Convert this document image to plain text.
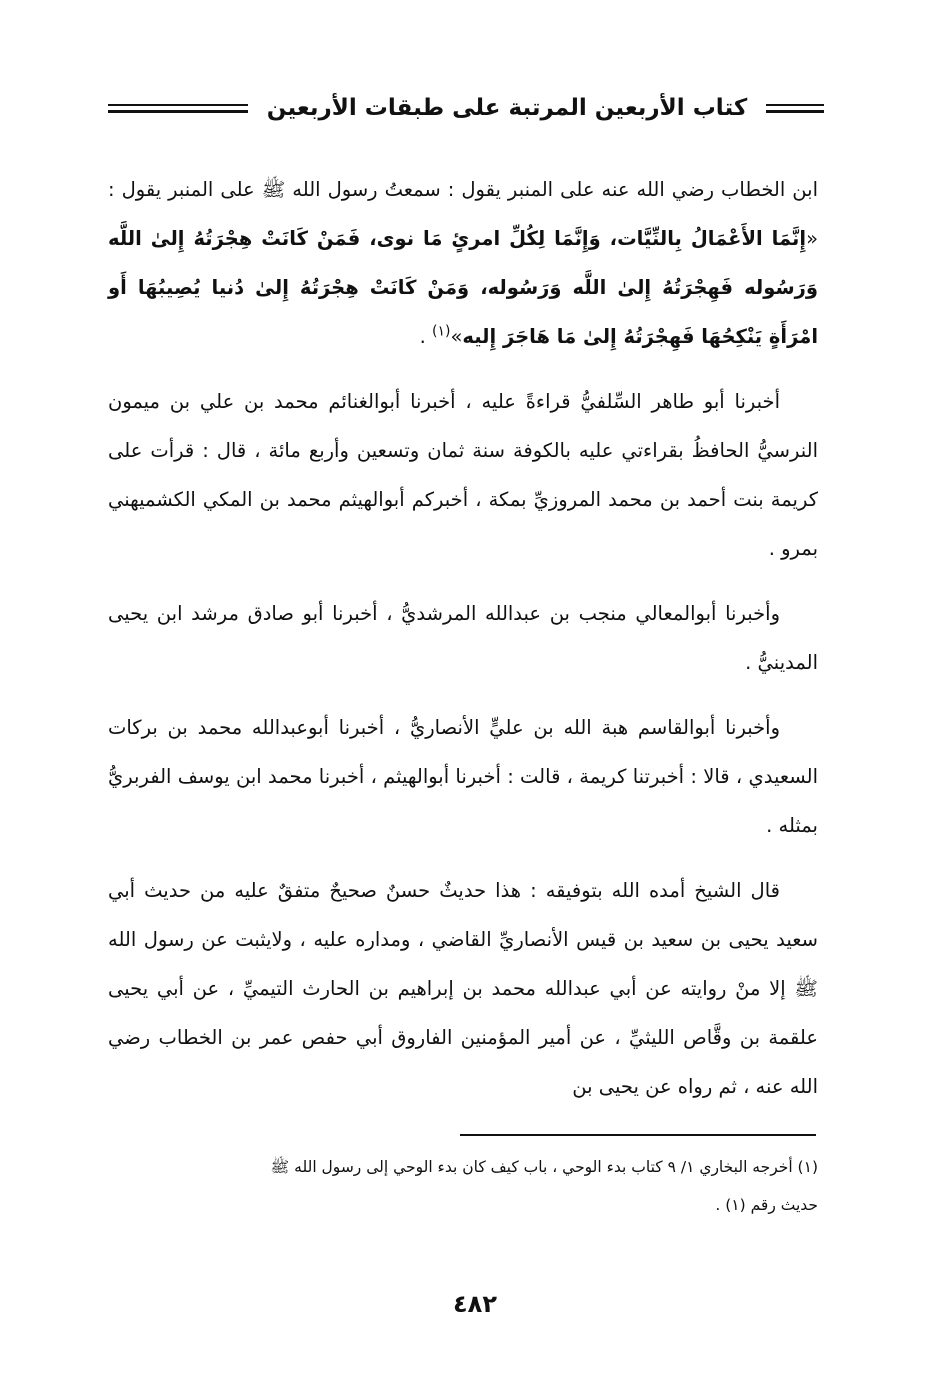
كتاب الأربعين المرتبة على طبقات الأربعين

ابن الخطاب رضي الله عنه على المنبر يقول : سمعتُ رسول الله ﷺ على المنبر يقول : «إِنَّمَا الأَعْمَالُ بِالنِّيَّات، وَإِنَّمَا لِكُلِّ امرئٍ مَا نوى، فَمَنْ كَانَتْ هِجْرَتُهُ إِلىٰ اللَّه وَرَسُوله فَهِجْرَتُهُ إِلىٰ اللَّه وَرَسُوله، وَمَنْ كَانَتْ هِجْرَتُهُ إِلىٰ دُنيا يُصِيبُهَا أَو امْرَأَةٍ يَنْكِحُهَا فَهِجْرَتُهُ إِلىٰ مَا هَاجَرَ إِليه»$^{(١)}$ .

أخبرنا أبو طاهر السِّلفيُّ قراءةً عليه ، أخبرنا أبوالغنائم محمد بن علي بن ميمون النرسيُّ الحافظُ بقراءتي عليه بالكوفة سنة ثمان وتسعين وأربع مائة ، قال : قرأت على كريمة بنت أحمد بن محمد المروزيِّ بمكة ، أخبركم أبوالهيثم محمد بن المكي الكشميهني بمرو .

وأخبرنا أبوالمعالي منجب بن عبدالله المرشديُّ ، أخبرنا أبو صادق مرشد ابن يحيى المدينيُّ .

وأخبرنا أبوالقاسم هبة الله بن عليٍّ الأنصاريُّ ، أخبرنا أبوعبدالله محمد بن بركات السعيدي ، قالا : أخبرتنا كريمة ، قالت : أخبرنا أبوالهيثم ، أخبرنا محمد ابن يوسف الفربريُّ بمثله .

قال الشيخ أمده الله بتوفيقه : هذا حديثٌ حسنٌ صحيحٌ متفقٌ عليه من حديث أبي سعيد يحيى بن سعيد بن قيس الأنصاريِّ القاضي ، ومداره عليه ، ولايثبت عن رسول الله ﷺ إلا منْ روايته عن أبي عبدالله محمد بن إبراهيم بن الحارث التيميِّ ، عن أبي يحيى علقمة بن وقَّاص الليثيِّ ، عن أمير المؤمنين الفاروق أبي حفص عمر بن الخطاب رضي الله عنه ، ثم رواه عن يحيى بن

(١) أخرجه البخاري ١/ ٩ كتاب بدء الوحي ، باب كيف كان بدء الوحي إلى رسول الله ﷺ
حديث رقم (١) .
٤٨٢
